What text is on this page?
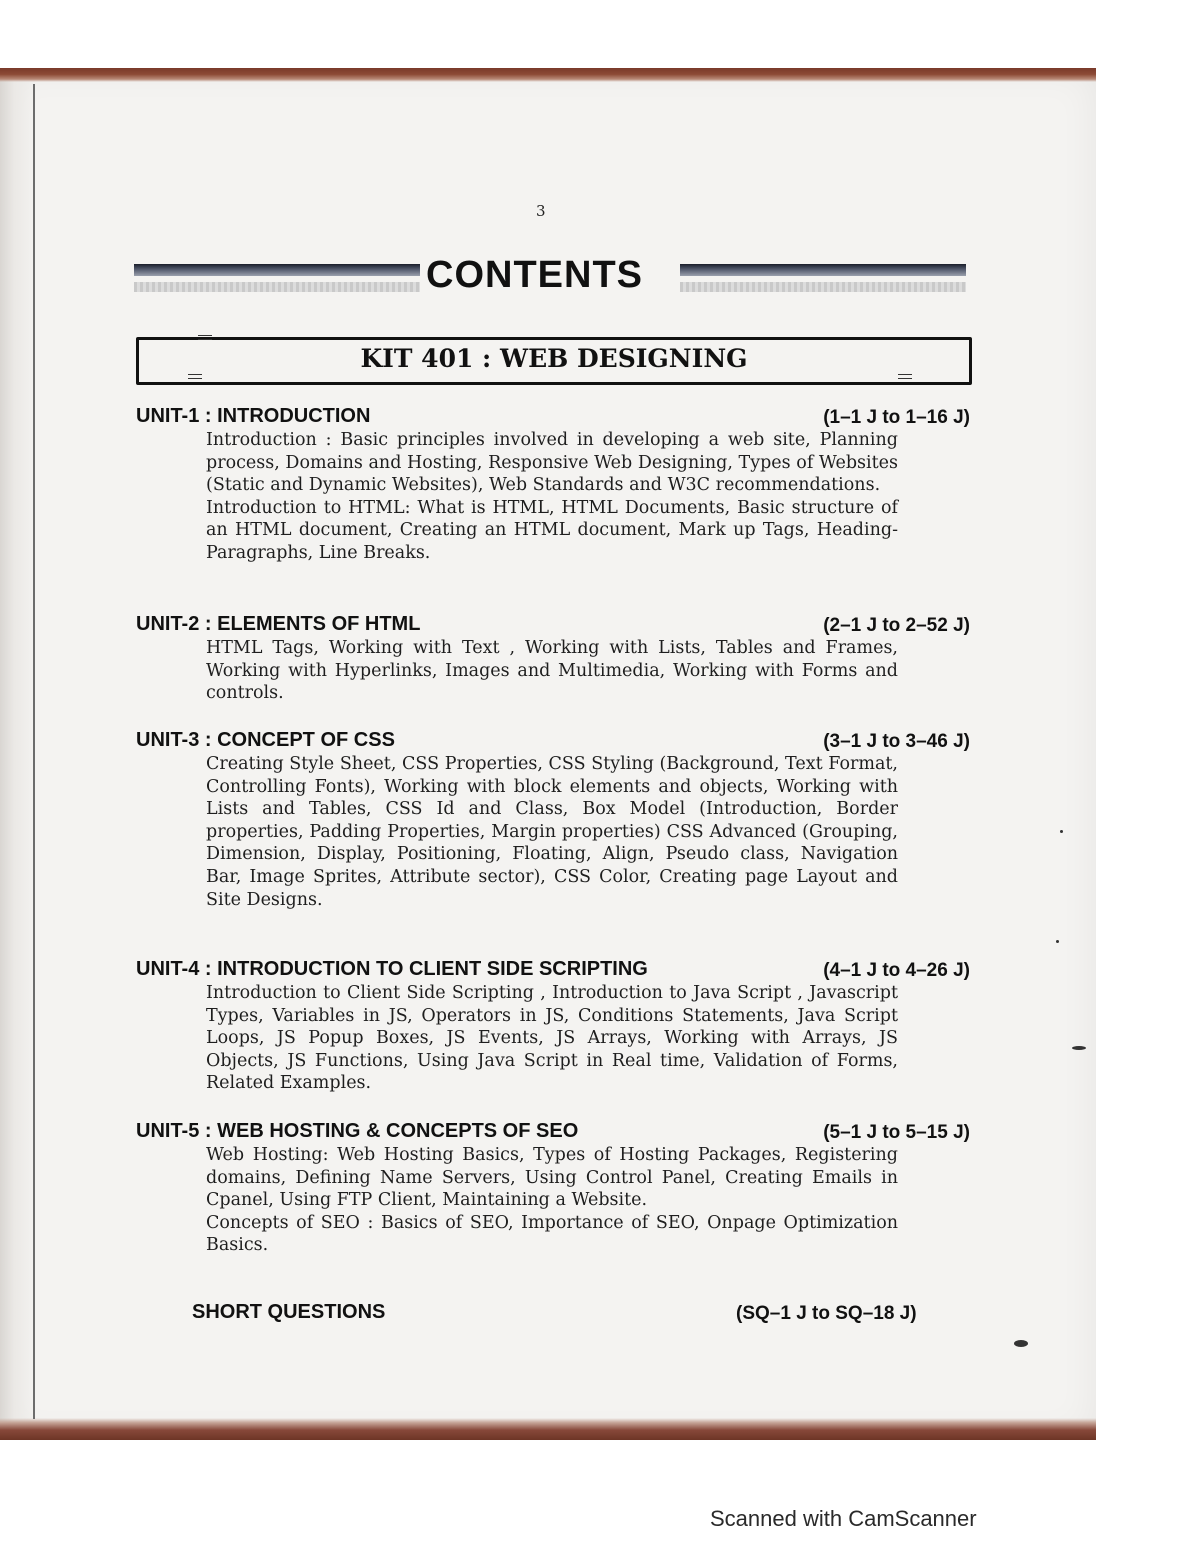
3
CONTENTS
KIT 401 : WEB DESIGNING
UNIT-1 : INTRODUCTION	(1–1 J to 1–16 J)

Introduction : Basic principles involved in developing a web site, Planning process, Domains and Hosting, Responsive Web Designing, Types of Websites (Static and Dynamic Websites), Web Standards and W3C recommendations.

Introduction to HTML: What is HTML, HTML Documents, Basic structure of an HTML document, Creating an HTML document, Mark up Tags, Heading-Paragraphs, Line Breaks.

UNIT-2 : ELEMENTS OF HTML	(2–1 J to 2–52 J)

HTML Tags, Working with Text , Working with Lists, Tables and Frames, Working with Hyperlinks, Images and Multimedia, Working with Forms and controls.

UNIT-3 : CONCEPT OF CSS	(3–1 J to 3–46 J)

Creating Style Sheet, CSS Properties, CSS Styling (Background, Text Format, Controlling Fonts), Working with block elements and objects, Working with Lists and Tables, CSS Id and Class, Box Model (Introduction, Border properties, Padding Properties, Margin properties) CSS Advanced (Grouping, Dimension, Display, Positioning, Floating, Align, Pseudo class, Navigation Bar, Image Sprites, Attribute sector), CSS Color, Creating page Layout and Site Designs.

UNIT-4 : INTRODUCTION TO CLIENT SIDE SCRIPTING	(4–1 J to 4–26 J)

Introduction to Client Side Scripting , Introduction to Java Script , Javascript Types, Variables in JS, Operators in JS, Conditions Statements, Java Script Loops, JS Popup Boxes, JS Events, JS Arrays, Working with Arrays, JS Objects, JS Functions, Using Java Script in Real time, Validation of Forms, Related Examples.

UNIT-5 : WEB HOSTING & CONCEPTS OF SEO	(5–1 J to 5–15 J)

Web Hosting: Web Hosting Basics, Types of Hosting Packages, Registering domains, Defining Name Servers, Using Control Panel, Creating Emails in Cpanel, Using FTP Client, Maintaining a Website.

Concepts of SEO : Basics of SEO, Importance of SEO, Onpage Optimization Basics.

SHORT QUESTIONS	(SQ–1 J to SQ–18 J)
Scanned with CamScanner
